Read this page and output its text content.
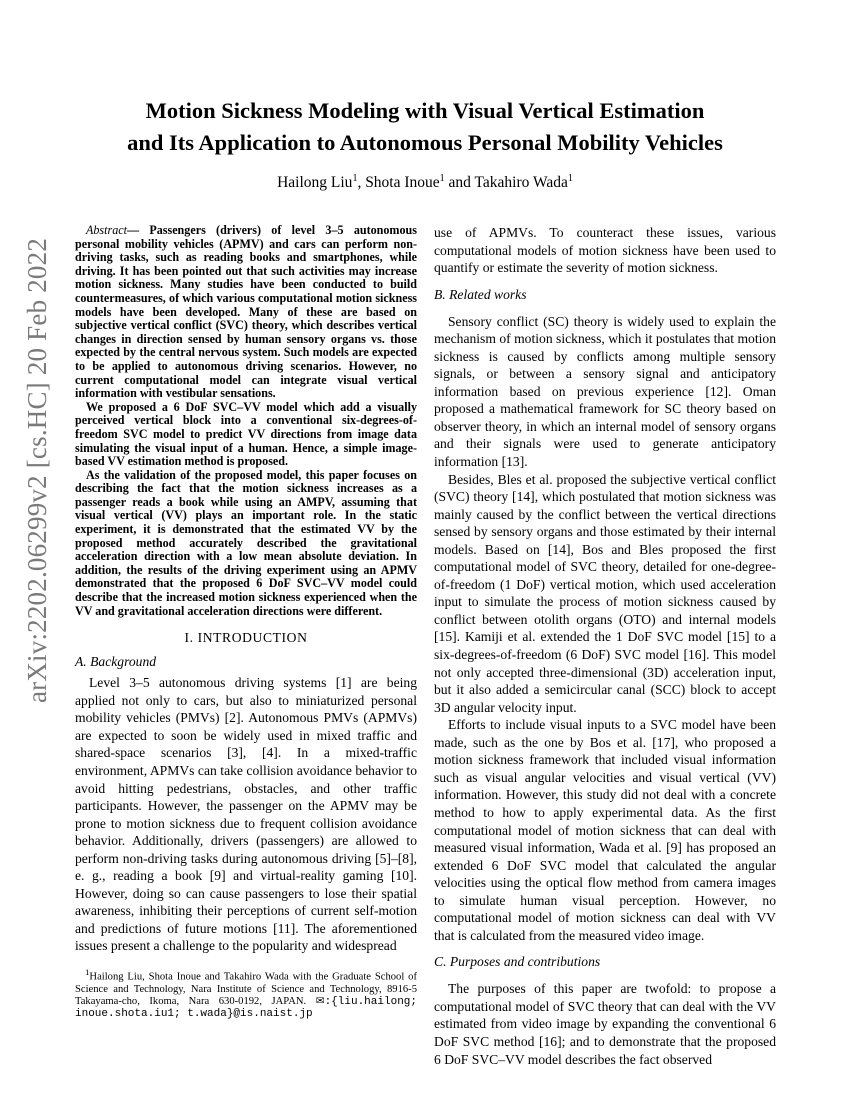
arXiv:2202.06299v2 [cs.HC] 20 Feb 2022
Motion Sickness Modeling with Visual Vertical Estimation
and Its Application to Autonomous Personal Mobility Vehicles
Hailong Liu$^1$, Shota Inoue$^1$ and Takahiro Wada$^1$

Abstract— Passengers (drivers) of level 3–5 autonomous personal mobility vehicles (APMV) and cars can perform non-driving tasks, such as reading books and smartphones, while driving. It has been pointed out that such activities may increase motion sickness. Many studies have been conducted to build countermeasures, of which various computational motion sickness models have been developed. Many of these are based on subjective vertical conflict (SVC) theory, which describes vertical changes in direction sensed by human sensory organs vs. those expected by the central nervous system. Such models are expected to be applied to autonomous driving scenarios. However, no current computational model can integrate visual vertical information with vestibular sensations.

We proposed a 6 DoF SVC–VV model which add a visually perceived vertical block into a conventional six-degrees-of-freedom SVC model to predict VV directions from image data simulating the visual input of a human. Hence, a simple image-based VV estimation method is proposed.

As the validation of the proposed model, this paper focuses on describing the fact that the motion sickness increases as a passenger reads a book while using an AMPV, assuming that visual vertical (VV) plays an important role. In the static experiment, it is demonstrated that the estimated VV by the proposed method accurately described the gravitational acceleration direction with a low mean absolute deviation. In addition, the results of the driving experiment using an APMV demonstrated that the proposed 6 DoF SVC–VV model could describe that the increased motion sickness experienced when the VV and gravitational acceleration directions were different.

I. INTRODUCTION
A. Background

Level 3–5 autonomous driving systems [1] are being applied not only to cars, but also to miniaturized personal mobility vehicles (PMVs) [2]. Autonomous PMVs (APMVs) are expected to soon be widely used in mixed traffic and shared-space scenarios [3], [4]. In a mixed-traffic environment, APMVs can take collision avoidance behavior to avoid hitting pedestrians, obstacles, and other traffic participants. However, the passenger on the APMV may be prone to motion sickness due to frequent collision avoidance behavior. Additionally, drivers (passengers) are allowed to perform non-driving tasks during autonomous driving [5]–[8], e. g., reading a book [9] and virtual-reality gaming [10]. However, doing so can cause passengers to lose their spatial awareness, inhibiting their perceptions of current self-motion and predictions of future motions [11]. The aforementioned issues present a challenge to the popularity and widespread

$^1$Hailong Liu, Shota Inoue and Takahiro Wada with the Graduate School of Science and Technology, Nara Institute of Science and Technology, 8916-5 Takayama-cho, Ikoma, Nara 630-0192, JAPAN. ✉:{liu.hailong; inoue.shota.iu1; t.wada}@is.naist.jp

use of APMVs. To counteract these issues, various computational models of motion sickness have been used to quantify or estimate the severity of motion sickness.

B. Related works

Sensory conflict (SC) theory is widely used to explain the mechanism of motion sickness, which it postulates that motion sickness is caused by conflicts among multiple sensory signals, or between a sensory signal and anticipatory information based on previous experience [12]. Oman proposed a mathematical framework for SC theory based on observer theory, in which an internal model of sensory organs and their signals were used to generate anticipatory information [13].

Besides, Bles et al. proposed the subjective vertical conflict (SVC) theory [14], which postulated that motion sickness was mainly caused by the conflict between the vertical directions sensed by sensory organs and those estimated by their internal models. Based on [14], Bos and Bles proposed the first computational model of SVC theory, detailed for one-degree-of-freedom (1 DoF) vertical motion, which used acceleration input to simulate the process of motion sickness caused by conflict between otolith organs (OTO) and internal models [15]. Kamiji et al. extended the 1 DoF SVC model [15] to a six-degrees-of-freedom (6 DoF) SVC model [16]. This model not only accepted three-dimensional (3D) acceleration input, but it also added a semicircular canal (SCC) block to accept 3D angular velocity input.

Efforts to include visual inputs to a SVC model have been made, such as the one by Bos et al. [17], who proposed a motion sickness framework that included visual information such as visual angular velocities and visual vertical (VV) information. However, this study did not deal with a concrete method to how to apply experimental data. As the first computational model of motion sickness that can deal with measured visual information, Wada et al. [9] has proposed an extended 6 DoF SVC model that calculated the angular velocities using the optical flow method from camera images to simulate human visual perception. However, no computational model of motion sickness can deal with VV that is calculated from the measured video image.

C. Purposes and contributions

The purposes of this paper are twofold: to propose a computational model of SVC theory that can deal with the VV estimated from video image by expanding the conventional 6 DoF SVC method [16]; and to demonstrate that the proposed 6 DoF SVC–VV model describes the fact observed
